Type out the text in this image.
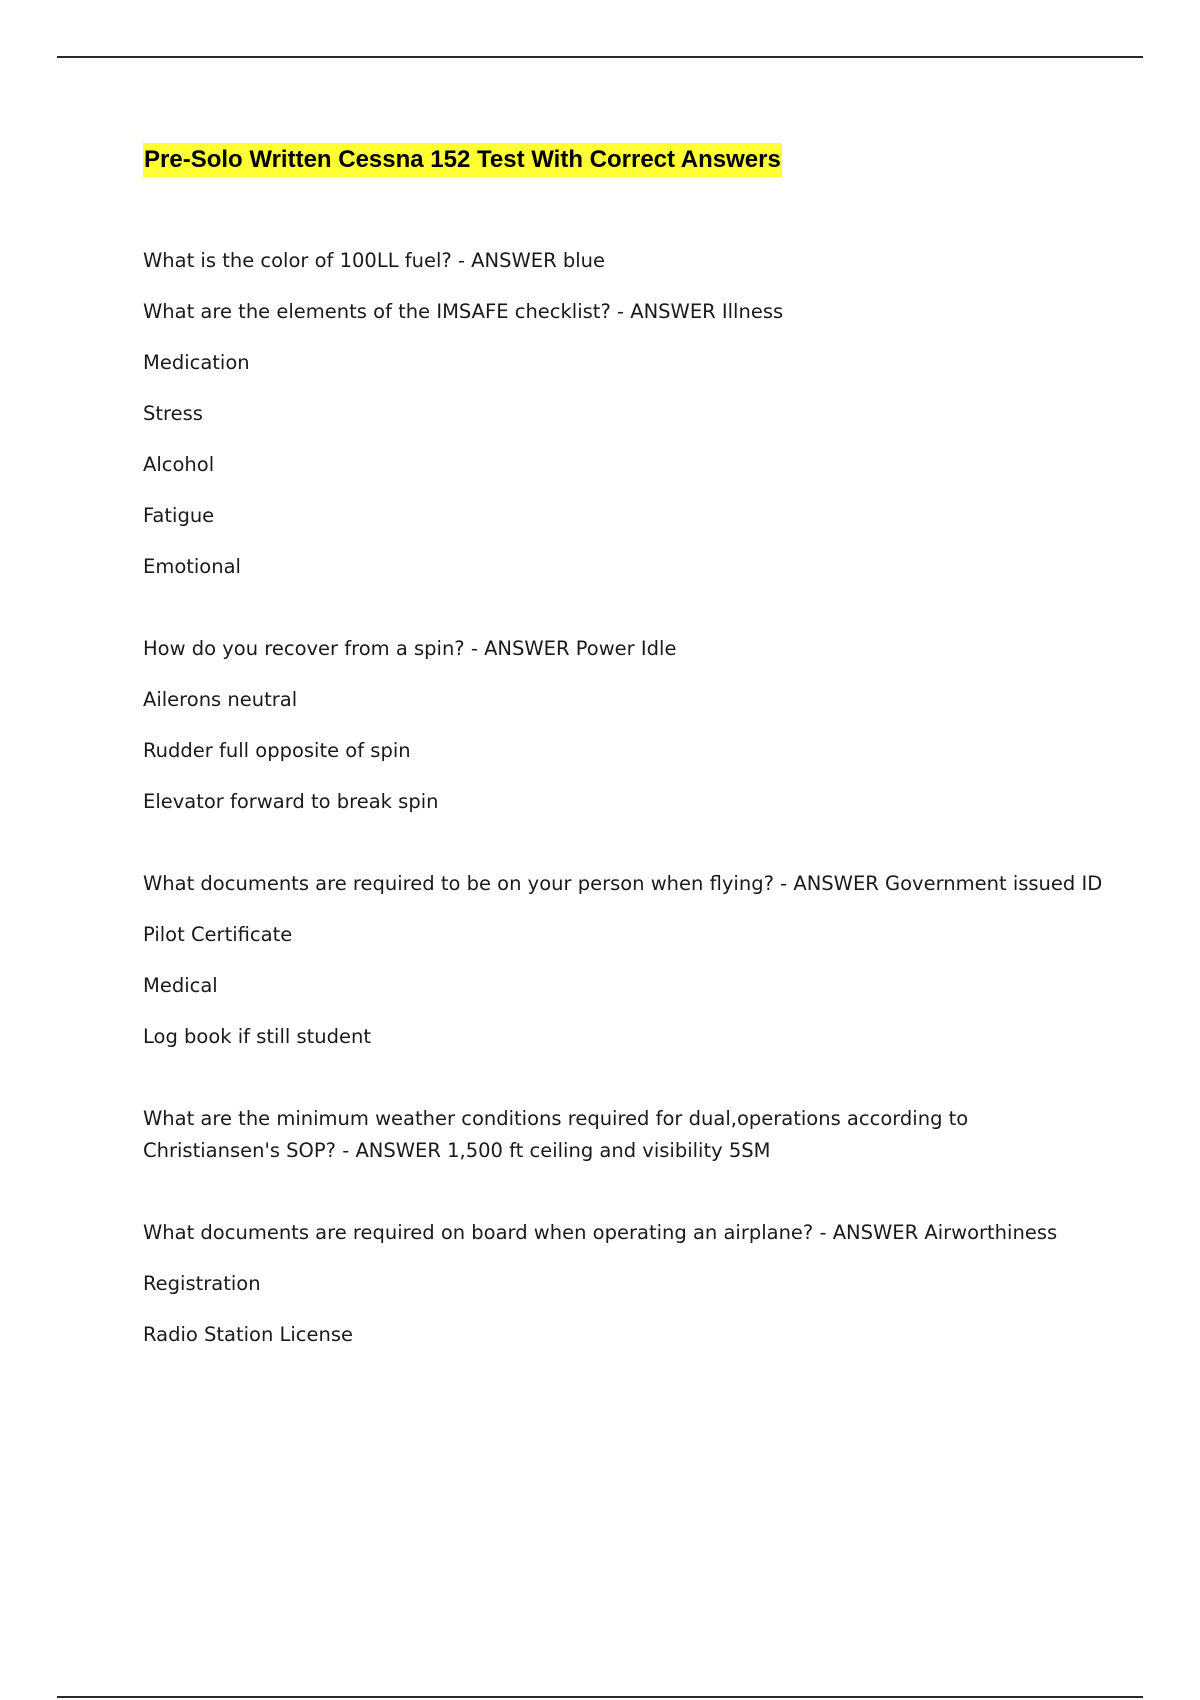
Pre-Solo Written Cessna 152 Test With Correct Answers

What is the color of 100LL fuel? - ANSWER blue

What are the elements of the IMSAFE checklist? - ANSWER Illness

Medication

Stress

Alcohol

Fatigue

Emotional

How do you recover from a spin? - ANSWER Power Idle

Ailerons neutral

Rudder full opposite of spin

Elevator forward to break spin

What documents are required to be on your person when flying? - ANSWER Government issued ID

Pilot Certificate

Medical

Log book if still student

What are the minimum weather conditions required for dual,operations according to Christiansen's SOP? - ANSWER 1,500 ft ceiling and visibility 5SM

What documents are required on board when operating an airplane? - ANSWER Airworthiness

Registration

Radio Station License
